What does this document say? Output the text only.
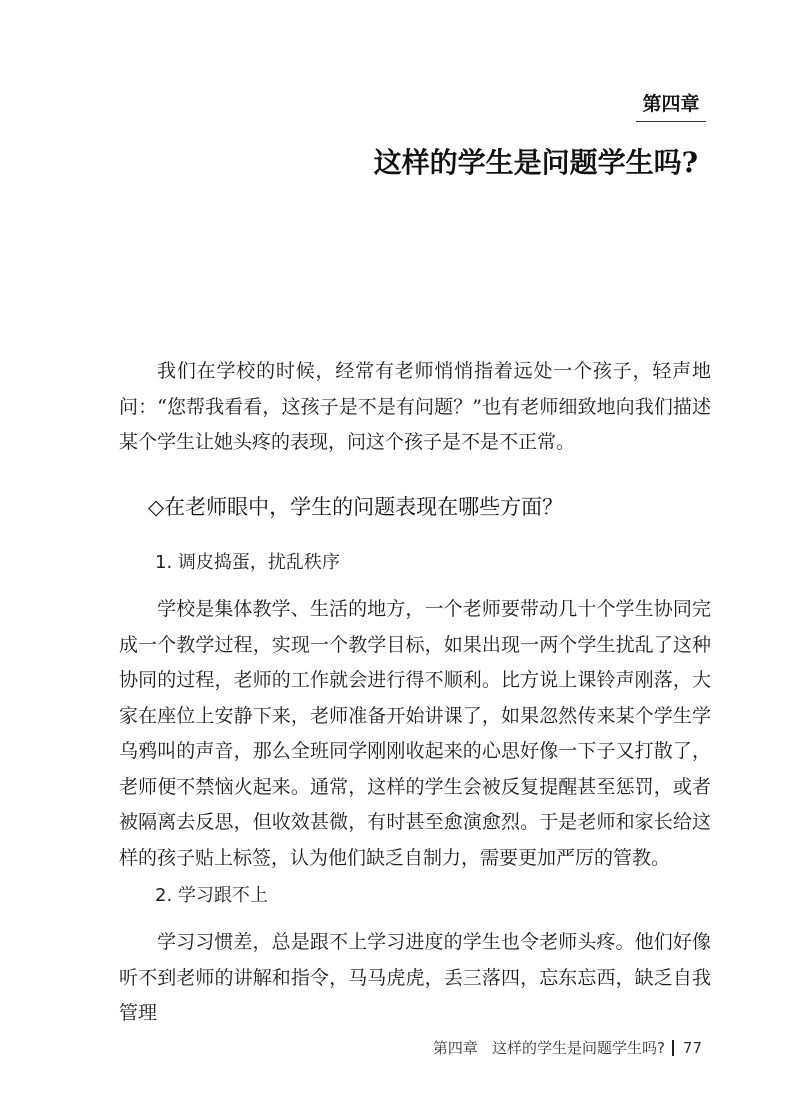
第四章
这样的学生是问题学生吗?

我们在学校的时候，经常有老师悄悄指着远处一个孩子，轻声地问：“您帮我看看，这孩子是不是有问题？”也有老师细致地向我们描述某个学生让她头疼的表现，问这个孩子是不是不正常。

◇在老师眼中，学生的问题表现在哪些方面？
1. 调皮捣蛋，扰乱秩序

学校是集体教学、生活的地方，一个老师要带动几十个学生协同完成一个教学过程，实现一个教学目标，如果出现一两个学生扰乱了这种协同的过程，老师的工作就会进行得不顺利。比方说上课铃声刚落，大家在座位上安静下来，老师准备开始讲课了，如果忽然传来某个学生学乌鸦叫的声音，那么全班同学刚刚收起来的心思好像一下子又打散了，老师便不禁恼火起来。通常，这样的学生会被反复提醒甚至惩罚，或者被隔离去反思，但收效甚微，有时甚至愈演愈烈。于是老师和家长给这样的孩子贴上标签，认为他们缺乏自制力，需要更加严厉的管教。

2. 学习跟不上

学习习惯差，总是跟不上学习进度的学生也令老师头疼。他们好像听不到老师的讲解和指令，马马虎虎，丢三落四，忘东忘西，缺乏自我管理

第四章 这样的学生是问题学生吗? 77
